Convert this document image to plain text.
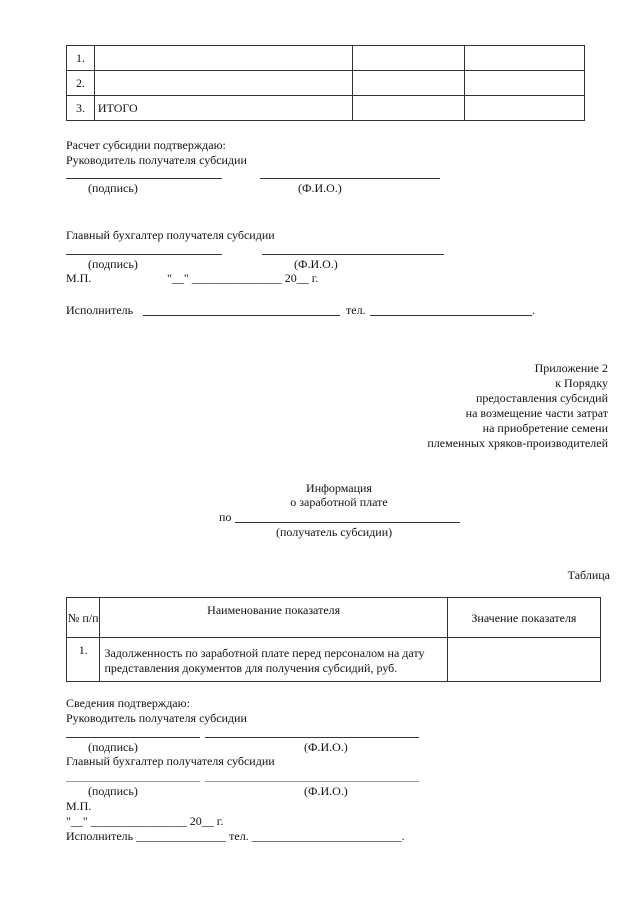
1.			
2.			
3.	ИТОГО		
Расчет субсидии подтверждаю:
Руководитель получателя субсидии
(подпись)	(Ф.И.О.)
Главный бухгалтер получателя субсидии
(подпись)	(Ф.И.О.)
М.П.	"__" _______________ 20__ г.
Исполнитель	тел.	.
Приложение 2
к Порядку
предоставления субсидий
на возмещение части затрат
на приобретение семени
племенных хряков-производителей
Информация
о заработной плате
по
(получатель субсидии)
Таблица
№ п/п	Наименование показателя	Значение показателя
1.	Задолженность по заработной плате перед персоналом на дату представления документов для получения субсидий, руб.	
Сведения подтверждаю:
Руководитель получателя субсидии
(подпись)	(Ф.И.О.)
Главный бухгалтер получателя субсидии
(подпись)	(Ф.И.О.)
М.П.
"__" ________________ 20__ г.
Исполнитель _______________ тел. _________________________.
